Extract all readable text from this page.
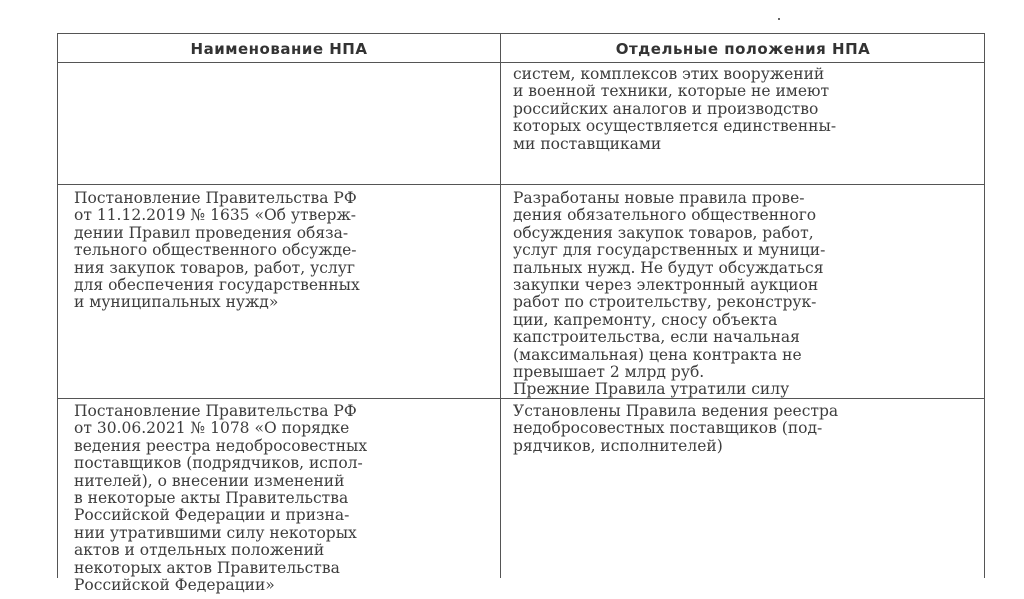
Наименование НПА	Отдельные положения НПА
систем, комплексов этих вооружений
и военной техники, которые не имеют
российских аналогов и производство
которых осуществляется единственны-
ми поставщиками
Постановление Правительства РФ
от 11.12.2019 № 1635 «Об утверж-
дении Правил проведения обяза-
тельного общественного обсужде-
ния закупок товаров, работ, услуг
для обеспечения государственных
и муниципальных нужд»
Разработаны новые правила прове-
дения обязательного общественного
обсуждения закупок товаров, работ,
услуг для государственных и муници-
пальных нужд. Не будут обсуждаться
закупки через электронный аукцион
работ по строительству, реконструк-
ции, капремонту, сносу объекта
капстроительства, если начальная
(максимальная) цена контракта не
превышает 2 млрд руб.
Прежние Правила утратили силу
Постановление Правительства РФ
от 30.06.2021 № 1078 «О порядке
ведения реестра недобросовестных
поставщиков (подрядчиков, испол-
нителей), о внесении изменений
в некоторые акты Правительства
Российской Федерации и призна-
нии утратившими силу некоторых
актов и отдельных положений
некоторых актов Правительства
Российской Федерации»
Установлены Правила ведения реестра
недобросовестных поставщиков (под-
рядчиков, исполнителей)
